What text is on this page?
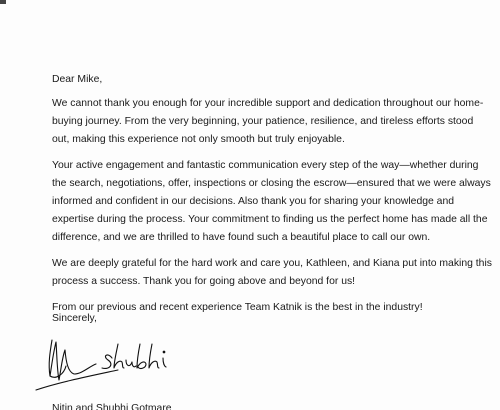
Dear Mike,

We cannot thank you enough for your incredible support and dedication throughout our home-buying journey. From the very beginning, your patience, resilience, and tireless efforts stood out, making this experience not only smooth but truly enjoyable.

Your active engagement and fantastic communication every step of the way—whether during the search, negotiations, offer, inspections or closing the escrow—ensured that we were always informed and confident in our decisions. Also thank you for sharing your knowledge and expertise during the process. Your commitment to finding us the perfect home has made all the difference, and we are thrilled to have found such a beautiful place to call our own.

We are deeply grateful for the hard work and care you, Kathleen, and Kiana put into making this process a success. Thank you for going above and beyond for us!

From our previous and recent experience Team Katnik is the best in the industry!

Sincerely,
Nitin and Shubhi Gotmare
